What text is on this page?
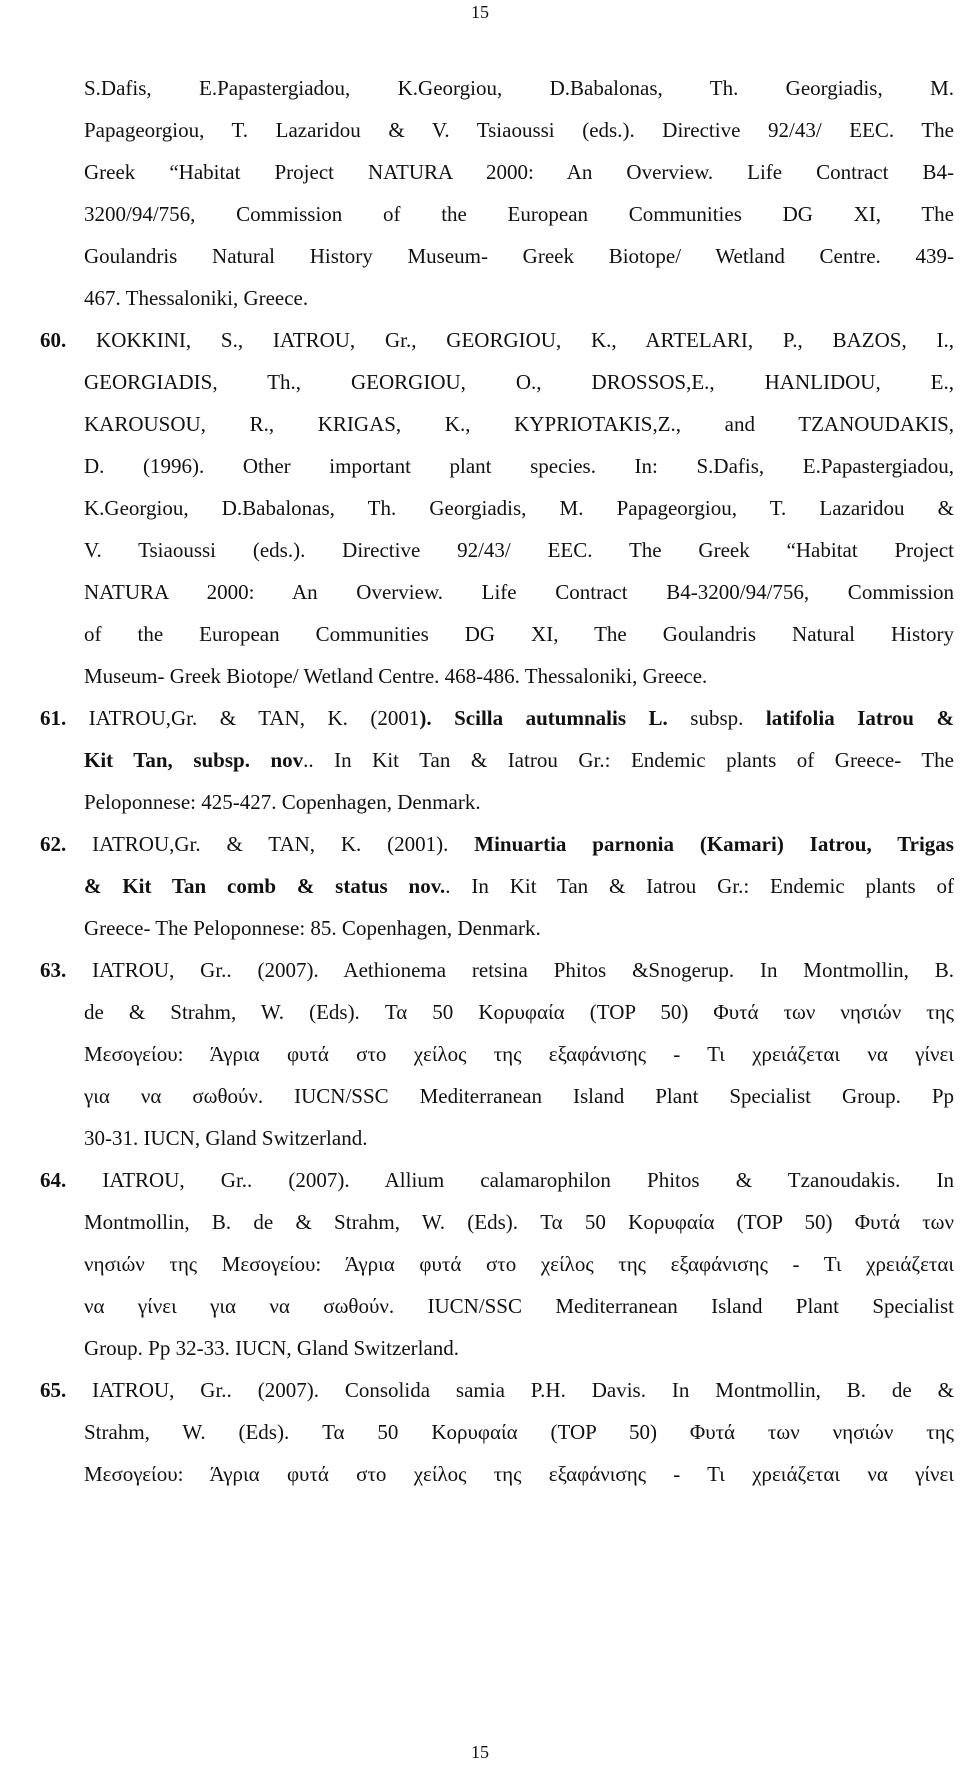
15
S.Dafis, E.Papastergiadou, K.Georgiou, D.Babalonas, Th. Georgiadis, M.
Papageorgiou, T. Lazaridou & V. Tsiaoussi (eds.). Directive 92/43/ EEC. The
Greek “Habitat Project NATURA 2000: An Overview. Life Contract B4-
3200/94/756, Commission of the European Communities DG XI, The
Goulandris Natural History Museum- Greek Biotope/ Wetland Centre. 439-
467. Thessaloniki, Greece.
60. KOKKINI, S., IATROU, Gr., GEORGIOU, K., ARTELARI, P., BAZOS, I.,
GEORGIADIS, Th., GEORGIOU, O., DROSSOS,E., HANLIDOU, E.,
KAROUSOU, R., KRIGAS, K., KYPRIOTAKIS,Z., and TZANOUDAKIS,
D. (1996). Other important plant species. In: S.Dafis, E.Papastergiadou,
K.Georgiou, D.Babalonas, Th. Georgiadis, M. Papageorgiou, T. Lazaridou &
V. Tsiaoussi (eds.). Directive 92/43/ EEC. The Greek “Habitat Project
NATURA 2000: An Overview. Life Contract B4-3200/94/756, Commission
of the European Communities DG XI, The Goulandris Natural History
Museum- Greek Biotope/ Wetland Centre. 468-486. Thessaloniki, Greece.
61. IATROU,Gr. & TAN, K. (2001). Scilla autumnalis L. subsp. latifolia Iatrou &
Kit Tan, subsp. nov.. In Kit Tan & Iatrou Gr.: Endemic plants of Greece- The
Peloponnese: 425-427. Copenhagen, Denmark.
62. IATROU,Gr. & TAN, K. (2001). Minuartia parnonia (Kamari) Iatrou, Trigas
& Kit Tan comb & status nov.. In Kit Tan & Iatrou Gr.: Endemic plants of
Greece- The Peloponnese: 85. Copenhagen, Denmark.
63. IATROU, Gr.. (2007). Aethionema retsina Phitos &Snogerup. In Montmollin, B.
de & Strahm, W. (Eds). Τα 50 Κορυφαία (TOP 50) Φυτά των νησιών της
Μεσογείου: Άγρια φυτά στο χείλος της εξαφάνισης - Τι χρειάζεται να γίνει
για να σωθούν. IUCN/SSC Mediterranean Island Plant Specialist Group. Pp
30-31. IUCN, Gland Switzerland.
64. IATROU, Gr.. (2007). Allium calamarophilon Phitos & Tzanoudakis. In
Montmollin, B. de & Strahm, W. (Eds). Τα 50 Κορυφαία (TOP 50) Φυτά των
νησιών της Μεσογείου: Άγρια φυτά στο χείλος της εξαφάνισης - Τι χρειάζεται
να γίνει για να σωθούν. IUCN/SSC Mediterranean Island Plant Specialist
Group. Pp 32-33. IUCN, Gland Switzerland.
65. IATROU, Gr.. (2007). Consolida samia P.H. Davis. In Montmollin, B. de &
Strahm, W. (Eds). Τα 50 Κορυφαία (TOP 50) Φυτά των νησιών της
Μεσογείου: Άγρια φυτά στο χείλος της εξαφάνισης - Τι χρειάζεται να γίνει
15
